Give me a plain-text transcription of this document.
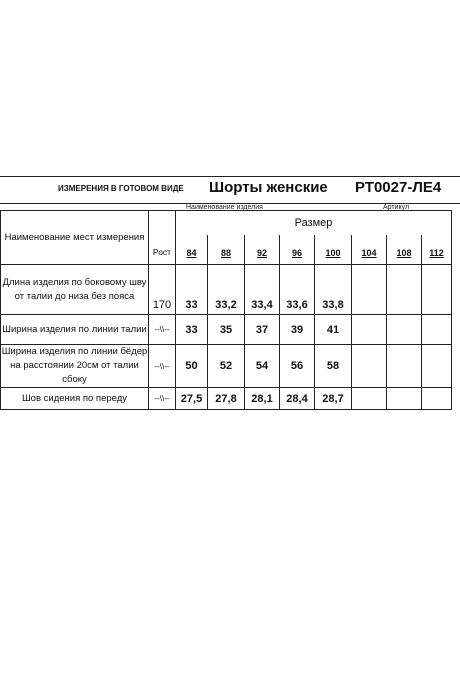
ИЗМЕРЕНИЯ В ГОТОВОМ ВИДЕ Шорты женские РТ0027-ЛЕ4
Наименование изделия	Артикул
Наименование мест измерения	Рост	Размер							
		84	88	92	96	100	104	108	112
Длина изделия по боковому шву от талии до низа без пояса	170	33	33,2	33,4	33,6	33,8			
Ширина изделия по линии талии	--\\--	33	35	37	39	41			
Ширина изделия по линии бёдер на расстоянии 20см от талии сбоку	--\\--	50	52	54	56	58			
Шов сидения по переду	--\\--	27,5	27,8	28,1	28,4	28,7			
